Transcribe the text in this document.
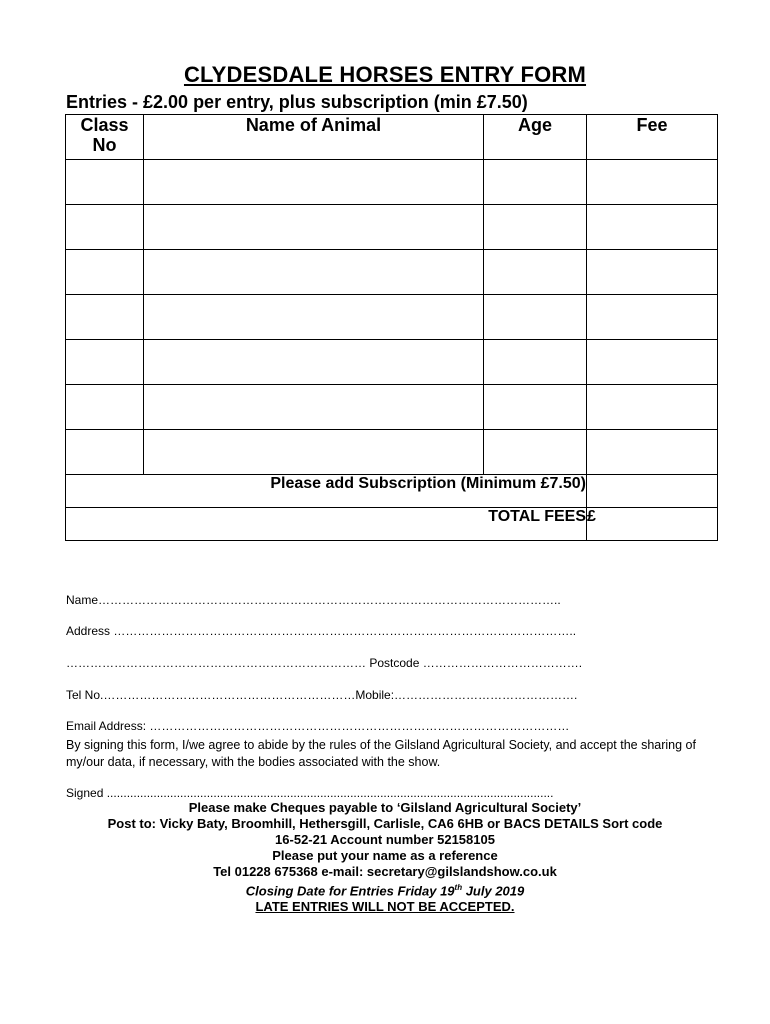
CLYDESDALE HORSES ENTRY FORM
Entries - £2.00 per entry, plus subscription (min £7.50)
Class
No	Name of Animal	Age	Fee

Please add Subscription (Minimum £7.50)			
TOTAL FEES			£
Name……………………………………………………………………………………………………..
Address ……………………………………………………………………………………………………..
………………………………………………………………… Postcode ………………………………….
Tel No.………………………………………………………Mobile:……………………………………….
Email Address: ……………………………………………………………………………………………
By signing this form, I/we agree to abide by the rules of the Gilsland Agricultural Society, and accept the sharing of my/our data, if necessary, with the bodies associated with the show.
Signed ......................................................................................................................................
Please make Cheques payable to ‘Gilsland Agricultural Society’
Post to: Vicky Baty, Broomhill, Hethersgill, Carlisle, CA6 6HB or BACS DETAILS Sort code
16-52-21 Account number 52158105
Please put your name as a reference
Tel 01228 675368 e-mail: secretary@gilslandshow.co.uk
Closing Date for Entries Friday 19th July 2019
LATE ENTRIES WILL NOT BE ACCEPTED.
